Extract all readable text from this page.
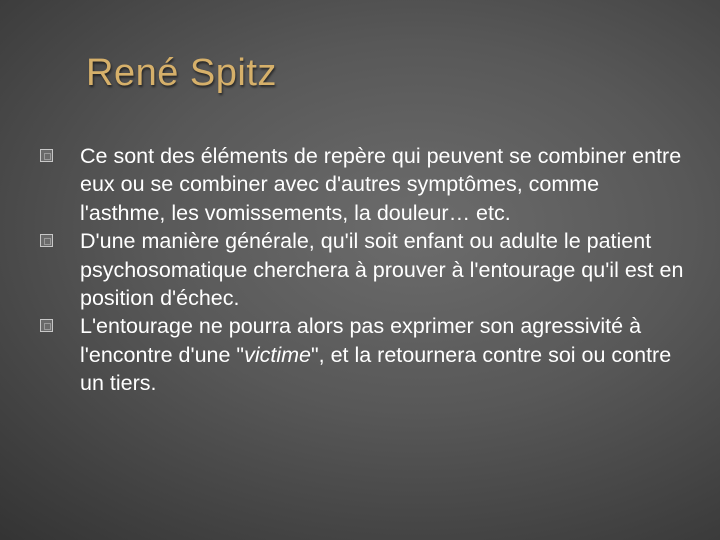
René Spitz
Ce sont des éléments de repère qui peuvent se combiner entre eux ou se combiner avec d'autres symptômes, comme l'asthme, les vomissements, la douleur… etc.
D'une manière générale, qu'il soit enfant ou adulte le patient psychosomatique cherchera à prouver à l'entourage qu'il est en position d'échec.
L'entourage ne pourra alors pas exprimer son agressivité à l'encontre d'une "victime", et la retournera contre soi ou contre un tiers.
